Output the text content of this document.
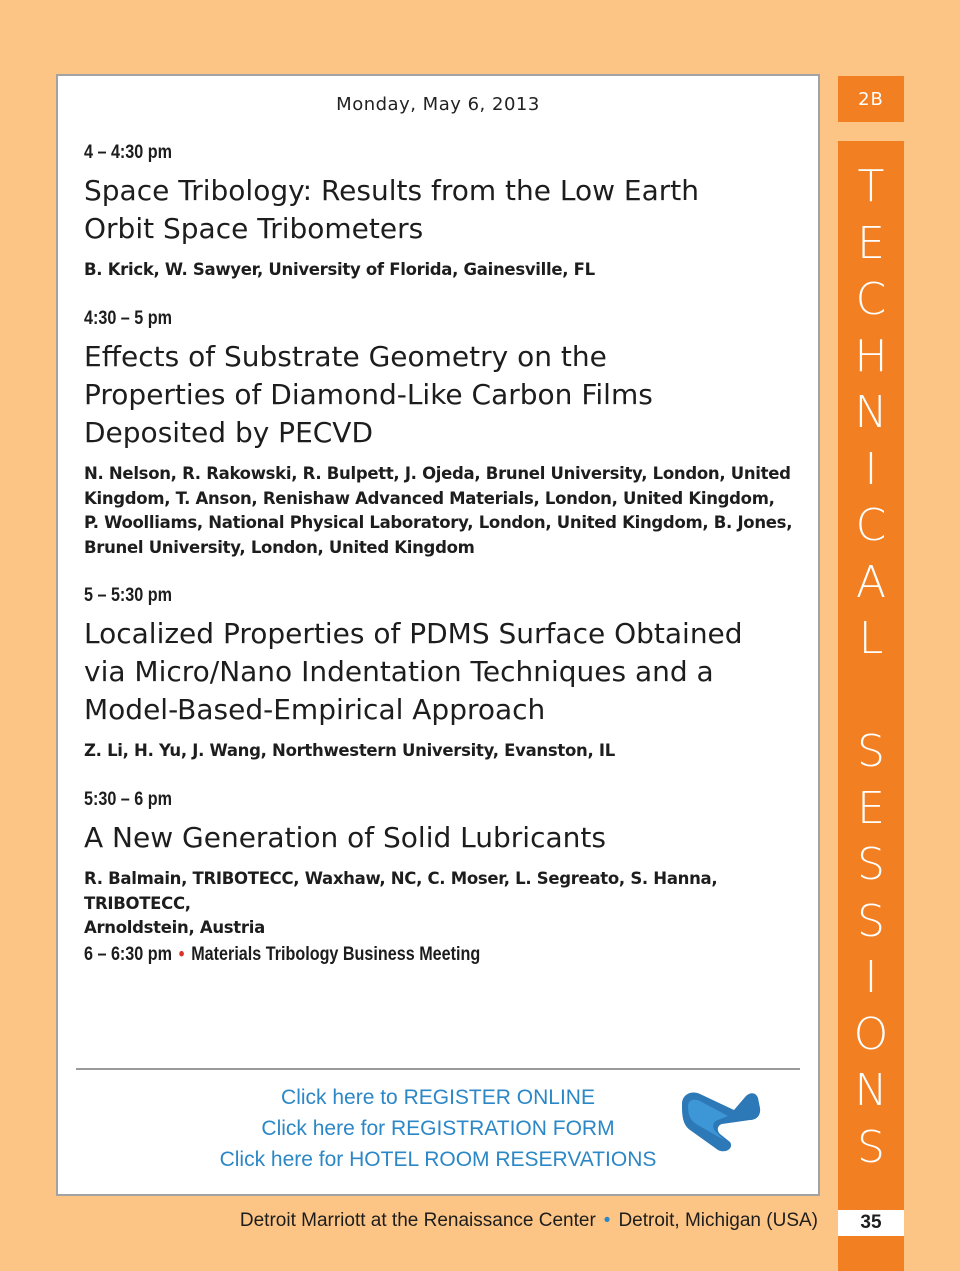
Monday, May 6, 2013
4 – 4:30 pm
Space Tribology: Results from the Low Earth
Orbit Space Tribometers
B. Krick, W. Sawyer, University of Florida, Gainesville, FL
4:30 – 5 pm
Effects of Substrate Geometry on the
Properties of Diamond-Like Carbon Films
Deposited by PECVD
N. Nelson, R. Rakowski, R. Bulpett, J. Ojeda, Brunel University, London, United
Kingdom, T. Anson, Renishaw Advanced Materials, London, United Kingdom,
P. Woolliams, National Physical Laboratory, London, United Kingdom, B. Jones,
Brunel University, London, United Kingdom
5 – 5:30 pm
Localized Properties of PDMS Surface Obtained
via Micro/Nano Indentation Techniques and a
Model-Based-Empirical Approach
Z. Li, H. Yu, J. Wang, Northwestern University, Evanston, IL
5:30 – 6 pm
A New Generation of Solid Lubricants
R. Balmain, TRIBOTECC, Waxhaw, NC, C. Moser, L. Segreato, S. Hanna, TRIBOTECC,
Arnoldstein, Austria
6 – 6:30 pm • Materials Tribology Business Meeting
Click here to REGISTER ONLINE
Click here for REGISTRATION FORM
Click here for HOTEL ROOM RESERVATIONS
2B
T
E
C
H
N
I
C
A
L
S
E
S
S
I
O
N
S
Detroit Marriott at the Renaissance Center • Detroit, Michigan (USA)	35
